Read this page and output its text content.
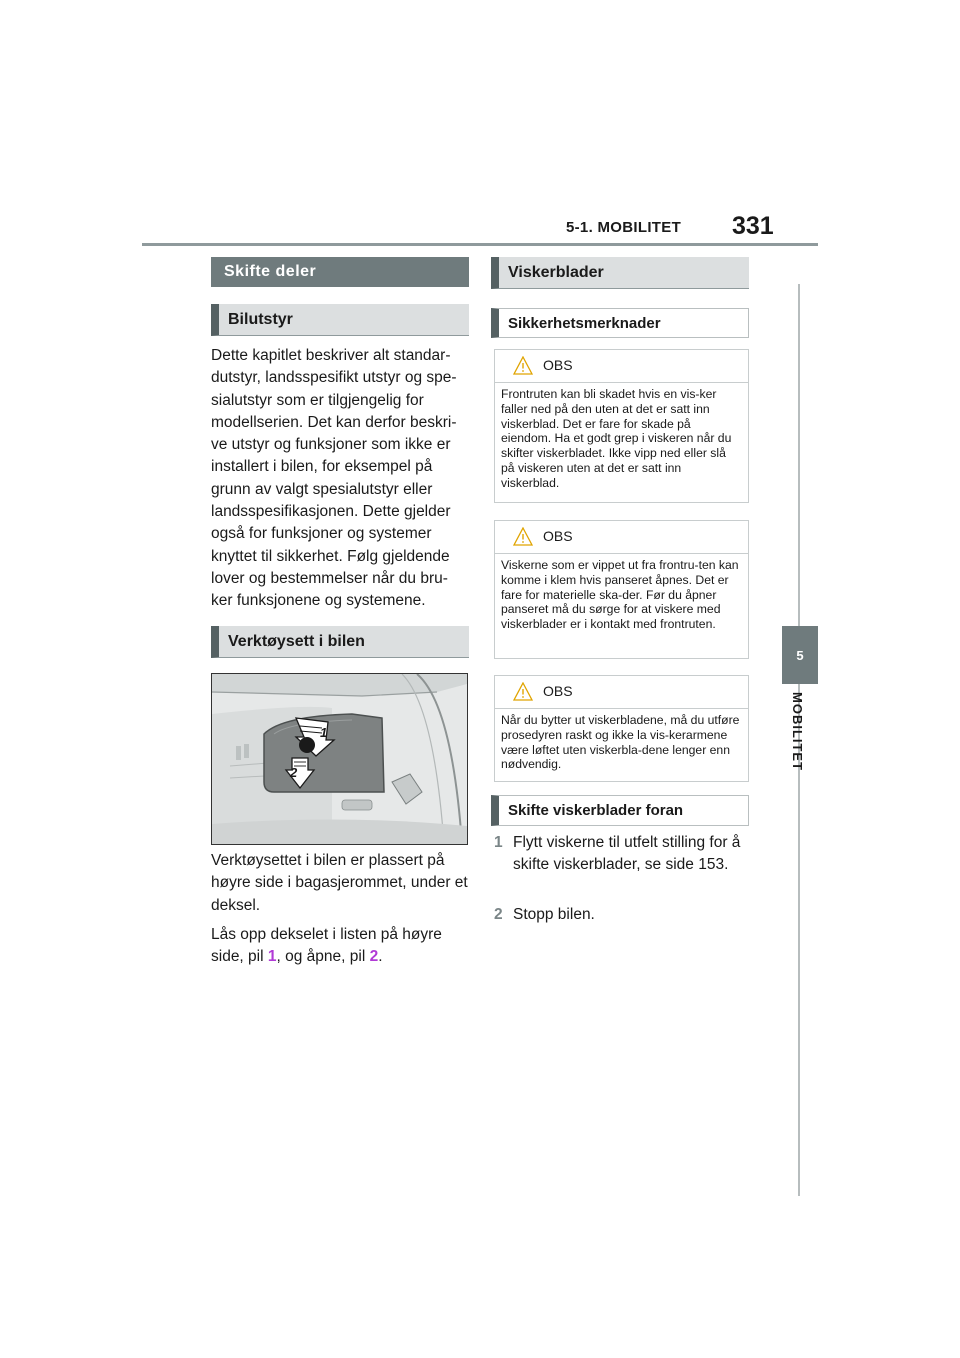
5-1. MOBILITET 331
5
MOBILITET
Skifte deler
Bilutstyr

Dette kapitlet beskriver alt standar-dutstyr, landsspesifikt utstyr og spe-sialutstyr som er tilgjengelig for modellserien. Det kan derfor beskri-ve utstyr og funksjoner som ikke er installert i bilen, for eksempel på grunn av valgt spesialutstyr eller landsspesifikasjonen. Dette gjelder også for funksjoner og systemer knyttet til sikkerhet. Følg gjeldende lover og bestemmelser når du bru-ker funksjonene og systemene.

Verktøysett i bilen
1
2

Verktøysettet i bilen er plassert på høyre side i bagasjerommet, under et deksel.

Lås opp dekselet i listen på høyre side, pil 1, og åpne, pil 2.

Viskerblader
Sikkerhetsmerknader
OBS
Frontruten kan bli skadet hvis en vis-ker faller ned på den uten at det er satt inn viskerblad. Det er fare for skade på eiendom. Ha et godt grep i viskeren når du skifter viskerbladet. Ikke vipp ned eller slå på viskeren uten at det er satt inn viskerblad.
OBS
Viskerne som er vippet ut fra frontru-ten kan komme i klem hvis panseret åpnes. Det er fare for materielle ska-der. Før du åpner panseret må du sørge for at viskere med viskerblader er i kontakt med frontruten.
OBS
Når du bytter ut viskerbladene, må du utføre prosedyren raskt og ikke la vis-kerarmene være løftet uten viskerbla-dene lenger enn nødvendig.
Skifte viskerblader foran
1 Flytt viskerne til utfelt stilling for å skifte viskerblader, se side 153.
2 Stopp bilen.
